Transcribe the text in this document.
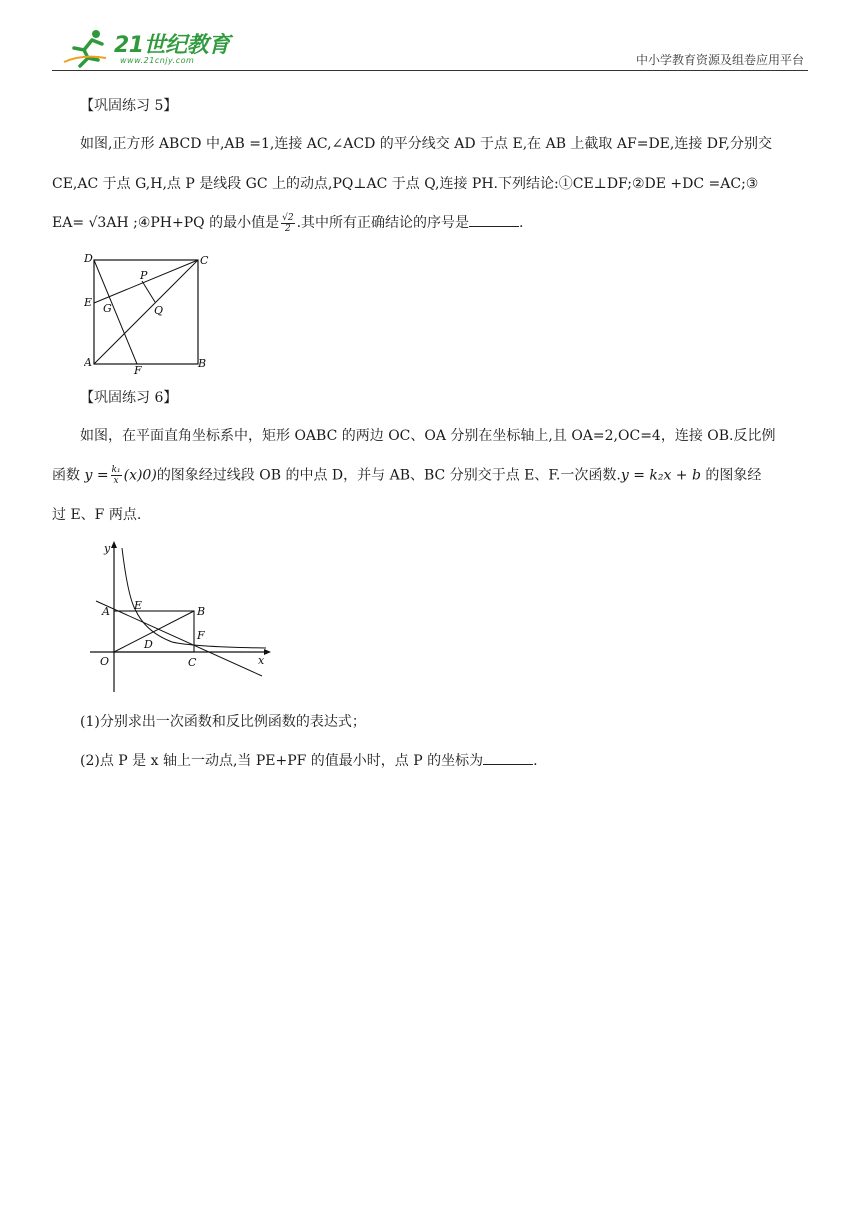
21世纪教育
www.21cnjy.com	中小学教育资源及组卷应用平台
【巩固练习 5】
如图,正方形 ABCD 中,AB =1,连接 AC,∠ACD 的平分线交 AD 于点 E,在 AB 上截取 AF=DE,连接 DF,分别交
CE,AC 于点 G,H,点 P 是线段 GC 上的动点,PQ⊥AC 于点 Q,连接 PH.下列结论:①CE⊥DF;②DE +DC =AC;③
EA= √3AH ;④PH+PQ 的最小值是 $\frac{√2}{2}$ .其中所有正确结论的序号是	.
D	C
P
E G	Q
A
F
B
【巩固练习 6】
如图，在平面直角坐标系中，矩形 OABC 的两边 OC、OA 分别在坐标轴上,且 OA=2,OC=4，连接 OB.反比例
函数 $y = \frac{\text{k₁}}{x} (x)0$)的图象经过线段 OB 的中点 D，并与 AB、BC 分别交于点 E、F.一次函数.y = k₂x + b 的图象经
过 E、F 两点.
y
A E	B
F
D
O	C	x
(1)分别求出一次函数和反比例函数的表达式；
(2)点 P 是 x 轴上一动点,当 PE+PF 的值最小时，点 P 的坐标为	.
